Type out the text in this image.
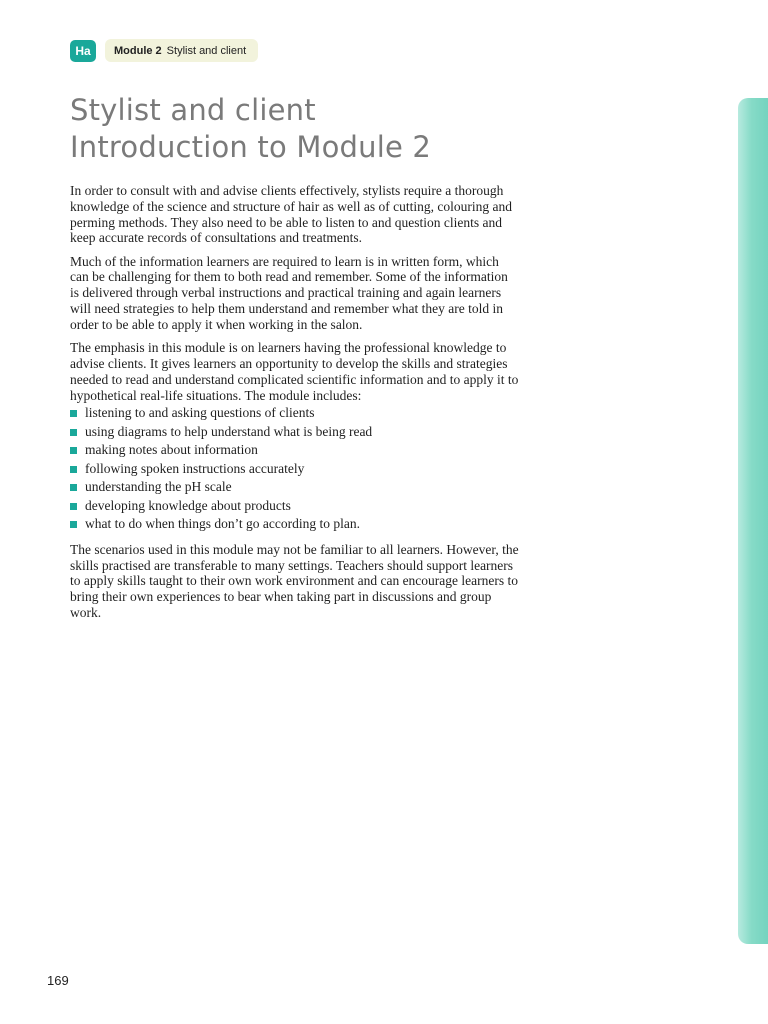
Ha	Module 2 Stylist and client
Stylist and client
Introduction to Module 2

In order to consult with and advise clients effectively, stylists require a thorough knowledge of the science and structure of hair as well as of cutting, colouring and perming methods. They also need to be able to listen to and question clients and keep accurate records of consultations and treatments.

Much of the information learners are required to learn is in written form, which can be challenging for them to both read and remember. Some of the information is delivered through verbal instructions and practical training and again learners will need strategies to help them understand and remember what they are told in order to be able to apply it when working in the salon.

The emphasis in this module is on learners having the professional knowledge to advise clients. It gives learners an opportunity to develop the skills and strategies needed to read and understand complicated scientific information and to apply it to hypothetical real-life situations. The module includes:

listening to and asking questions of clients
using diagrams to help understand what is being read
making notes about information
following spoken instructions accurately
understanding the pH scale
developing knowledge about products
what to do when things don’t go according to plan.

The scenarios used in this module may not be familiar to all learners. However, the skills practised are transferable to many settings. Teachers should support learners to apply skills taught to their own work environment and can encourage learners to bring their own experiences to bear when taking part in discussions and group work.

169
